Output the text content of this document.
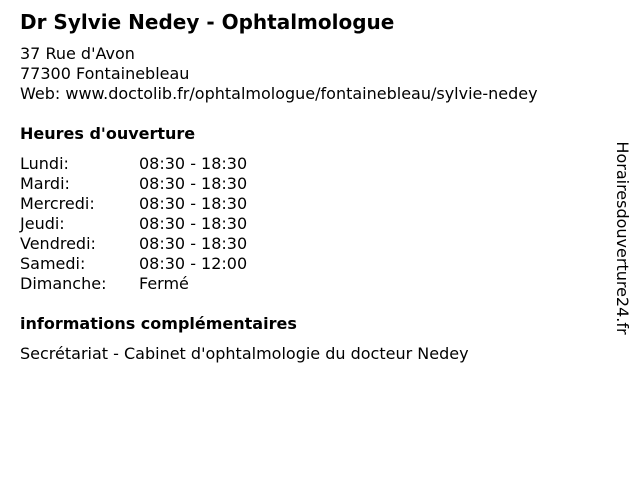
Dr Sylvie Nedey - Ophtalmologue
37 Rue d'Avon
77300 Fontainebleau
Web: www.doctolib.fr/ophtalmologue/fontainebleau/sylvie-nedey
Heures d'ouverture
Lundi:	08:30 - 18:30
Mardi:	08:30 - 18:30
Mercredi:	08:30 - 18:30
Jeudi:	08:30 - 18:30
Vendredi:	08:30 - 18:30
Samedi:	08:30 - 12:00
Dimanche: Fermé
informations complémentaires
Secrétariat - Cabinet d'ophtalmologie du docteur Nedey
Horairesdouverture24.fr
